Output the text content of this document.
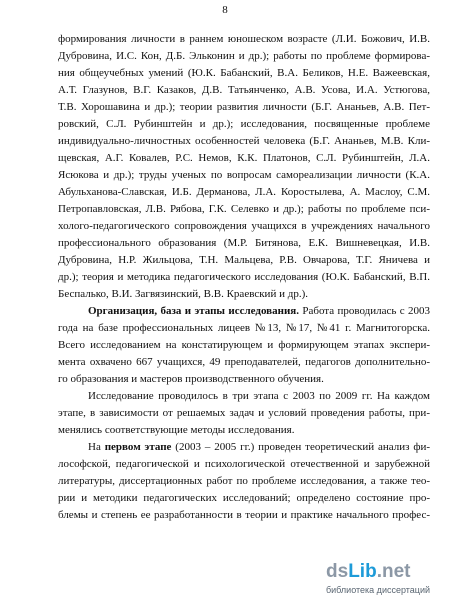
8
формирования личности в раннем юношеском возрасте (Л.И. Божович, И.В.
Дубровина, И.С. Кон, Д.Б. Эльконин и др.); работы по проблеме формирова-
ния общеучебных умений (Ю.К. Бабанский, В.А. Беликов, Н.Е. Важеевская,
А.Т. Глазунов, В.Г. Казаков, Д.В. Татьянченко, А.В. Усова, И.А. Устюгова,
Т.В. Хорошавина и др.); теории развития личности (Б.Г. Ананьев, А.В. Пет-
ровский, С.Л. Рубинштейн и др.); исследования, посвященные проблеме
индивидуально-личностных особенностей человека (Б.Г. Ананьев, М.В. Кли-
щевская, А.Г. Ковалев, Р.С. Немов, К.К. Платонов, С.Л. Рубинштейн, Л.А.
Ясюкова и др.); труды ученых по вопросам самореализации личности (К.А.
Абульханова-Славская, И.Б. Дерманова, Л.А. Коростылева, А. Маслоу, С.М.
Петропавловская, Л.В. Рябова, Г.К. Селевко и др.); работы по проблеме пси-
холого-педагогического сопровождения учащихся в учреждениях начального
профессионального образования (М.Р. Битянова, Е.К. Вишневецкая, И.В.
Дубровина, Н.Р. Жильцова, Т.Н. Мальцева, Р.В. Овчарова, Т.Г. Яничева и
др.); теория и методика педагогического исследования (Ю.К. Бабанский, В.П.
Беспалько, В.И. Загвязинский, В.В. Краевский и др.).
Организация, база и этапы исследования. Работа проводилась с 2003
года на базе профессиональных лицеев №13, №17, №41 г. Магнитогорска.
Всего исследованием на констатирующем и формирующем этапах экспери-
мента охвачено 667 учащихся, 49 преподавателей, педагогов дополнительно-
го образования и мастеров производственного обучения.
Исследование проводилось в три этапа с 2003 по 2009 гг. На каждом
этапе, в зависимости от решаемых задач и условий проведения работы, при-
менялись соответствующие методы исследования.
На первом этапе (2003 – 2005 гг.) проведен теоретический анализ фи-
лософской, педагогической и психологической отечественной и зарубежной
литературы, диссертационных работ по проблеме исследования, а также тео-
рии и методики педагогических исследований; определено состояние про-
блемы и степень ее разработанности в теории и практике начального профес-
dsLib.net
библиотека диссертаций
